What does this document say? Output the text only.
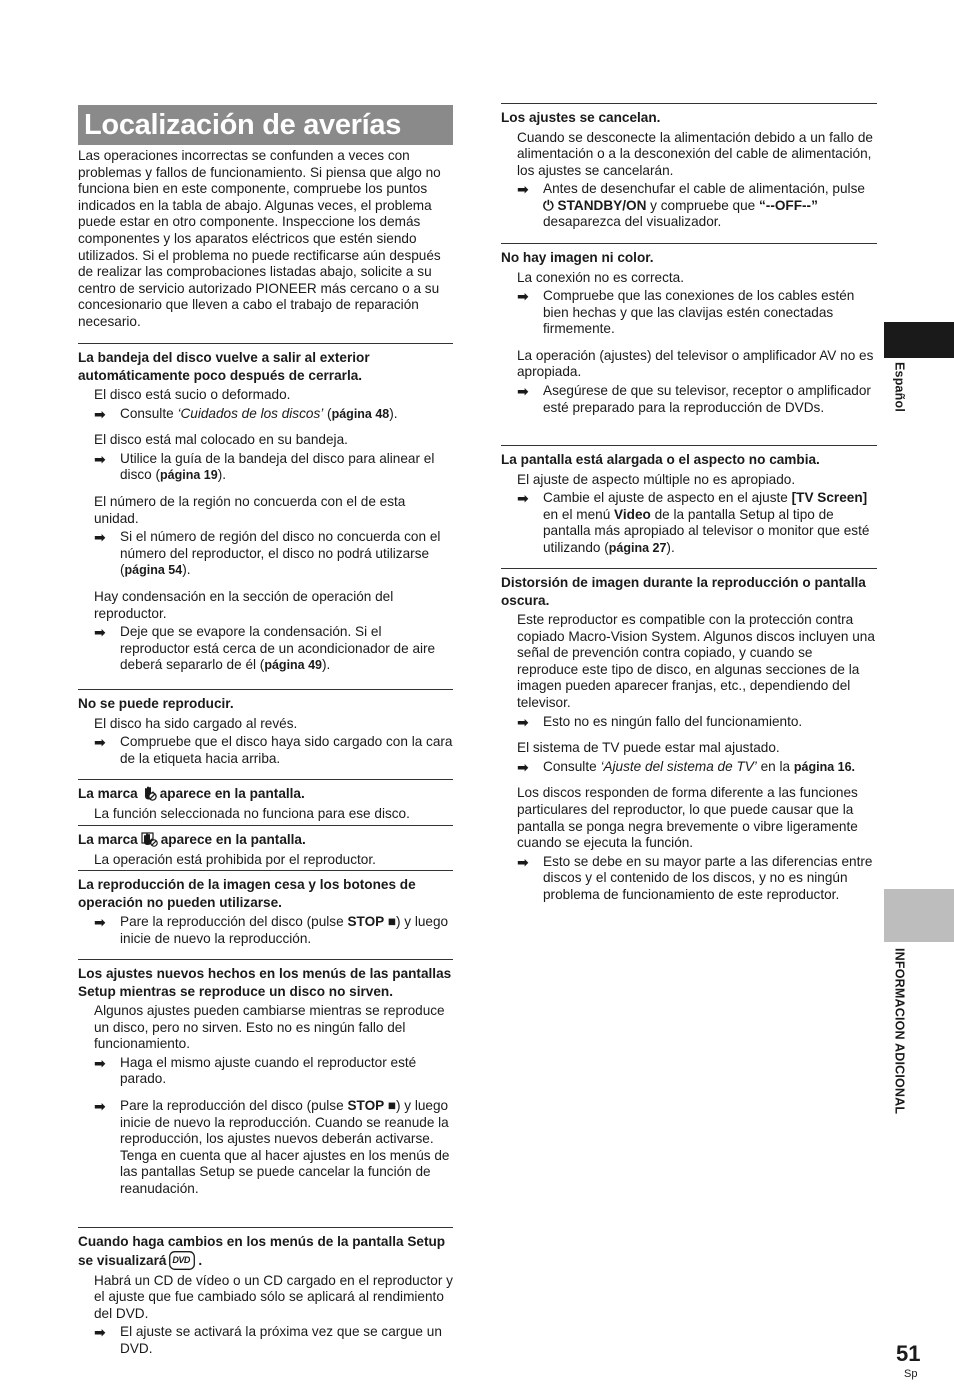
Localización de averías
Las operaciones incorrectas se confunden a veces con problemas y fallos de funcionamiento. Si piensa que algo no funciona bien en este componente, compruebe los puntos indicados en la tabla de abajo. Algunas veces, el problema puede estar en otro componente. Inspeccione los demás componentes y los aparatos eléctricos que estén siendo utilizados. Si el problema no puede rectificarse aún después de realizar las comprobaciones listadas abajo, solicite a su centro de servicio autorizado PIONEER más cercano o a su concesionario que lleven a cabo el trabajo de reparación necesario.
La bandeja del disco vuelve a salir al exterior automáticamente poco después de cerrarla.
El disco está sucio o deformado.
➡ Consulte ‘Cuidados de los discos’ (página 48).
El disco está mal colocado en su bandeja.
➡ Utilice la guía de la bandeja del disco para alinear el disco (página 19).
El número de la región no concuerda con el de esta unidad.
➡ Si el número de región del disco no concuerda con el número del reproductor, el disco no podrá utilizarse (página 54).
Hay condensación en la sección de operación del reproductor.
➡ Deje que se evapore la condensación. Si el reproductor está cerca de un acondicionador de aire deberá separarlo de él (página 49).
No se puede reproducir.
El disco ha sido cargado al revés.
➡ Compruebe que el disco haya sido cargado con la cara de la etiqueta hacia arriba.
La marca aparece en la pantalla.
La función seleccionada no funciona para ese disco.
La marca aparece en la pantalla.
La operación está prohibida por el reproductor.
La reproducción de la imagen cesa y los botones de operación no pueden utilizarse.
➡ Pare la reproducción del disco (pulse STOP ■) y luego inicie de nuevo la reproducción.
Los ajustes nuevos hechos en los menús de las pantallas Setup mientras se reproduce un disco no sirven.
Algunos ajustes pueden cambiarse mientras se reproduce un disco, pero no sirven. Esto no es ningún fallo del funcionamiento.
➡ Haga el mismo ajuste cuando el reproductor esté parado.
➡ Pare la reproducción del disco (pulse STOP ■) y luego inicie de nuevo la reproducción. Cuando se reanude la reproducción, los ajustes nuevos deberán activarse. Tenga en cuenta que al hacer ajustes en los menús de las pantallas Setup se puede cancelar la función de reanudación.
Cuando haga cambios en los menús de la pantalla Setup se visualizará DVD .
Habrá un CD de vídeo o un CD cargado en el reproductor y el ajuste que fue cambiado sólo se aplicará al rendimiento del DVD.
➡ El ajuste se activará la próxima vez que se cargue un DVD.
Los ajustes se cancelan.
Cuando se desconecte la alimentación debido a un fallo de alimentación o a la desconexión del cable de alimentación, los ajustes se cancelarán.
➡ Antes de desenchufar el cable de alimentación, pulse ⏻ STANDBY/ON y compruebe que “--OFF--” desaparezca del visualizador.
No hay imagen ni color.
La conexión no es correcta.
➡ Compruebe que las conexiones de los cables estén bien hechas y que las clavijas estén conectadas firmemente.
La operación (ajustes) del televisor o amplificador AV no es apropiada.
➡ Asegúrese de que su televisor, receptor o amplificador esté preparado para la reproducción de DVDs.
La pantalla está alargada o el aspecto no cambia.
El ajuste de aspecto múltiple no es apropiado.
➡ Cambie el ajuste de aspecto en el ajuste [TV Screen] en el menú Video de la pantalla Setup al tipo de pantalla más apropiado al televisor o monitor que esté utilizando (página 27).
Distorsión de imagen durante la reproducción o pantalla oscura.
Este reproductor es compatible con la protección contra copiado Macro-Vision System. Algunos discos incluyen una señal de prevención contra copiado, y cuando se reproduce este tipo de disco, en algunas secciones de la imagen pueden aparecer franjas, etc., dependiendo del televisor.
➡ Esto no es ningún fallo del funcionamiento.
El sistema de TV puede estar mal ajustado.
➡ Consulte ‘Ajuste del sistema de TV’ en la página 16.
Los discos responden de forma diferente a las funciones particulares del reproductor, lo que puede causar que la pantalla se ponga negra brevemente o vibre ligeramente cuando se ejecuta la función.
➡ Esto se debe en su mayor parte a las diferencias entre discos y el contenido de los discos, y no es ningún problema de funcionamiento de este reproductor.
Español
INFORMACION ADICIONAL
51
Sp
